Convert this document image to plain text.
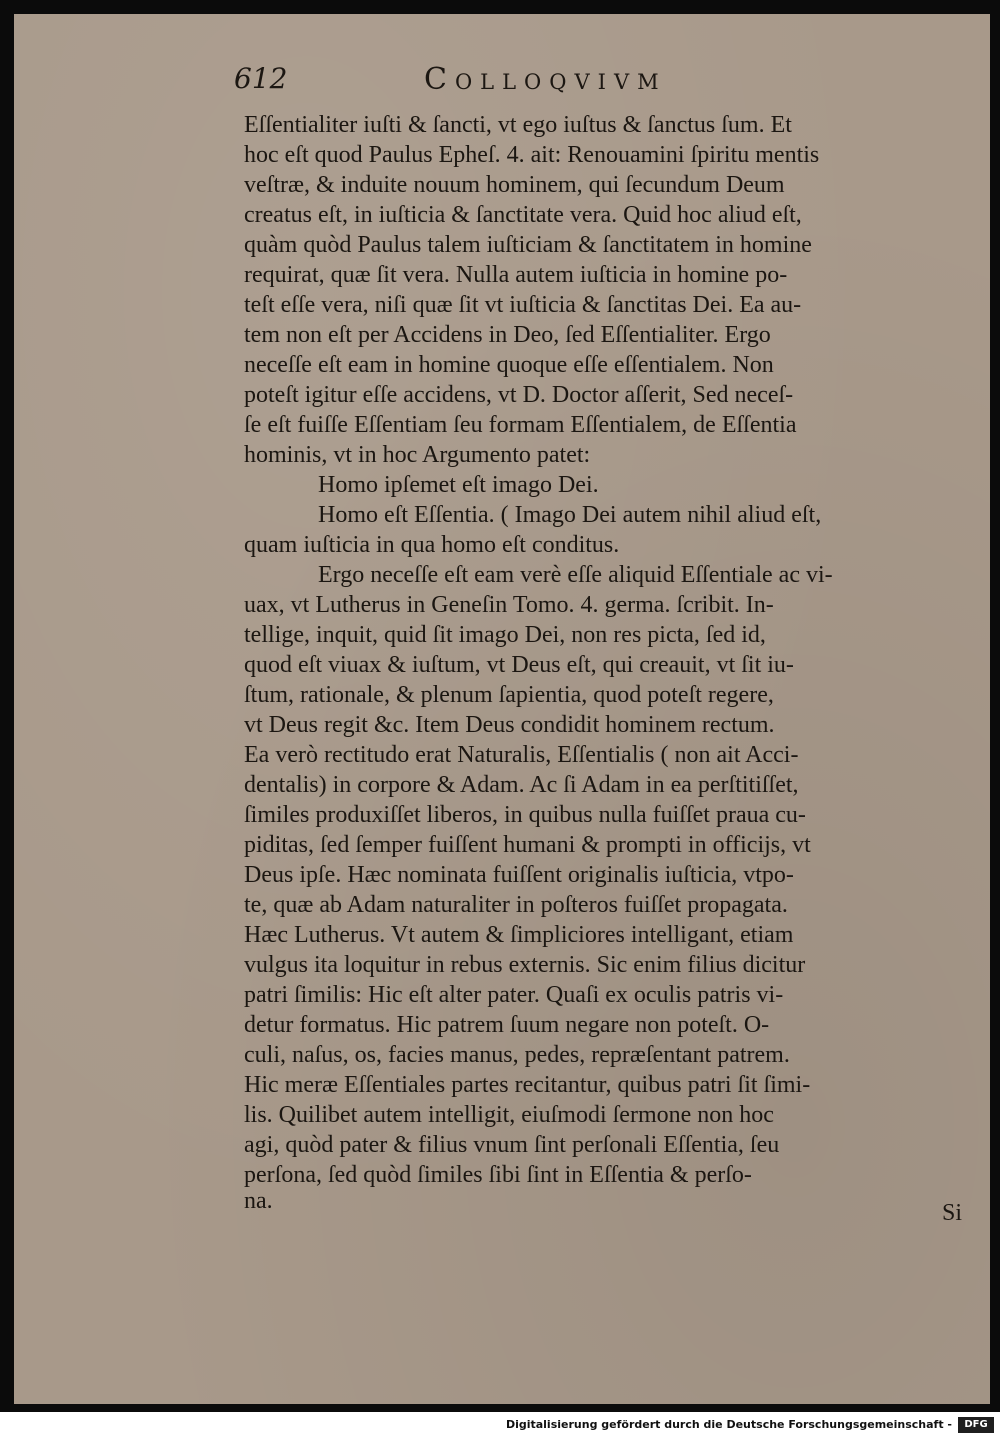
612	Colloqvivm
Eſſentialiter iuſti & ſancti, vt ego iuſtus & ſanctus ſum. Et
hoc eſt quod Paulus Epheſ. 4. ait: Renouamini ſpiritu mentis
veſtræ, & induite nouum hominem, qui ſecundum Deum
creatus eſt, in iuſticia & ſanctitate vera. Quid hoc aliud eſt,
quàm quòd Paulus talem iuſticiam & ſanctitatem in homine
requirat, quæ ſit vera. Nulla autem iuſticia in homine po-
teſt eſſe vera, niſi quæ ſit vt iuſticia & ſanctitas Dei. Ea au-
tem non eſt per Accidens in Deo, ſed Eſſentialiter. Ergo
neceſſe eſt eam in homine quoque eſſe eſſentialem. Non
poteſt igitur eſſe accidens, vt D. Doctor aſſerit, Sed neceſ-
ſe eſt fuiſſe Eſſentiam ſeu formam Eſſentialem, de Eſſentia
hominis, vt in hoc Argumento patet:
Homo ipſemet eſt imago Dei.
Homo eſt Eſſentia. ( Imago Dei autem nihil aliud eſt,
quam iuſticia in qua homo eſt conditus.
Ergo neceſſe eſt eam verè eſſe aliquid Eſſentiale ac vi-
uax, vt Lutherus in Geneſin Tomo. 4. germa. ſcribit. In-
tellige, inquit, quid ſit imago Dei, non res picta, ſed id,
quod eſt viuax & iuſtum, vt Deus eſt, qui creauit, vt ſit iu-
ſtum, rationale, & plenum ſapientia, quod poteſt regere,
vt Deus regit &c. Item Deus condidit hominem rectum.
Ea verò rectitudo erat Naturalis, Eſſentialis ( non ait Acci-
dentalis) in corpore & Adam. Ac ſi Adam in ea perſtitiſſet,
ſimiles produxiſſet liberos, in quibus nulla fuiſſet praua cu-
piditas, ſed ſemper fuiſſent humani & prompti in officijs, vt
Deus ipſe. Hæc nominata fuiſſent originalis iuſticia, vtpo-
te, quæ ab Adam naturaliter in poſteros fuiſſet propagata.
Hæc Lutherus. Vt autem & ſimpliciores intelligant, etiam
vulgus ita loquitur in rebus externis. Sic enim filius dicitur
patri ſimilis: Hic eſt alter pater. Quaſi ex oculis patris vi-
detur formatus. Hic patrem ſuum negare non poteſt. O-
culi, naſus, os, facies manus, pedes, repræſentant patrem.
Hic meræ Eſſentiales partes recitantur, quibus patri ſit ſimi-
lis. Quilibet autem intelligit, eiuſmodi ſermone non hoc
agi, quòd pater & filius vnum ſint perſonali Eſſentia, ſeu
perſona, ſed quòd ſimiles ſibi ſint in Eſſentia & perſo-
na.	Si
Digitalisierung gefördert durch die Deutsche Forschungsgemeinschaft -	DFG
